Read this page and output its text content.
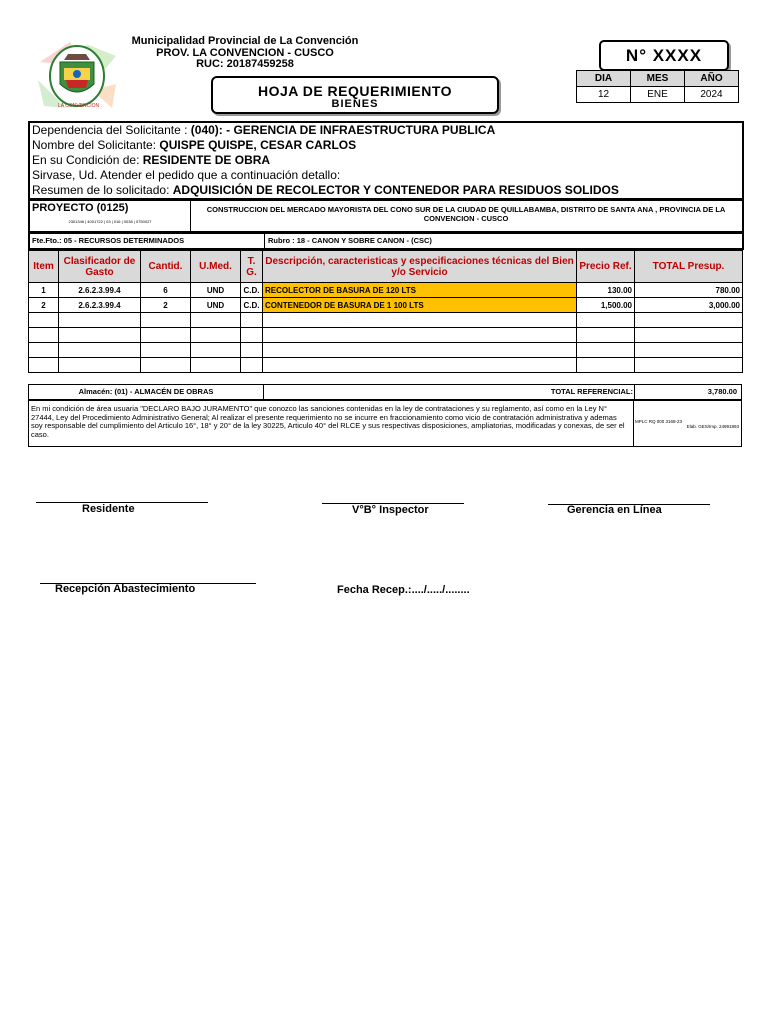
LA CONVENCION
Municipalidad Provincial de La Convención
PROV. LA CONVENCION - CUSCO
RUC: 20187459258	N° XXXX
DIA	MES	AÑO
12	ENE	2024
HOJA DE REQUERIMIENTO
BIENES
Dependencia del Solicitante : (040): - GERENCIA DE INFRAESTRUCTURA PUBLICA
Nombre del Solicitante: QUISPE QUISPE, CESAR CARLOS
En su Condición de: RESIDENTE DE OBRA
Sirvase, Ud. Atender el pedido que a continuación detallo:
Resumen de lo solicitado: ADQUISICIÓN DE RECOLECTOR Y CONTENEDOR PARA RESIDUOS SOLIDOS
PROYECTO (0125)
2301346 | 4001722 | 03 | 016 | 0038 | 0750027
CONSTRUCCION DEL MERCADO MAYORISTA DEL CONO SUR DE LA CIUDAD DE QUILLABAMBA, DISTRITO DE SANTA ANA , PROVINCIA DE LA CONVENCION - CUSCO
Fte.Fto.: 05 - RECURSOS DETERMINADOS	Rubro : 18 - CANON Y SOBRE CANON - (CSC)
Item	Clasificador de Gasto	Cantid.	U.Med.	T. G.	Descripción, caracteristicas y especificaciones técnicas del Bien y/o Servicio	Precio Ref.	TOTAL Presup.
1	2.6.2.3.99.4	6	UND	C.D.	RECOLECTOR DE BASURA DE 120 LTS	130.00	780.00
2	2.6.2.3.99.4	2	UND	C.D.	CONTENEDOR DE BASURA DE 1 100 LTS	1,500.00	3,000.00

Almacén: (01) - ALMACÉN DE OBRAS	TOTAL REFERENCIAL:	3,780.00
En mi condición de área usuaria "DECLARO BAJO JURAMENTO" que conozco las sanciones contenidas en la ley de contrataciones y su reglamento, así como en la Ley N° 27444, Ley del Procedimiento Administrativo General; Al realizar el presente requerimiento no se incurre en fraccionamiento como vicio de contratación administrativa y ademas soy responsable del cumplimiento del Articulo 16°, 18° y 20° de la ley 30225, Articulo 40° del RLCE y sus respectivas disposiciones, ampliatorias, modificadas y conexas, de ser el caso.
MPLC RQ 000 3168-23
Elab. GES/Imp. 24991893
Residente	V°B° Inspector	Gerencia en Línea
Recepción Abastecimiento	Fecha Recep.:..../...../........
